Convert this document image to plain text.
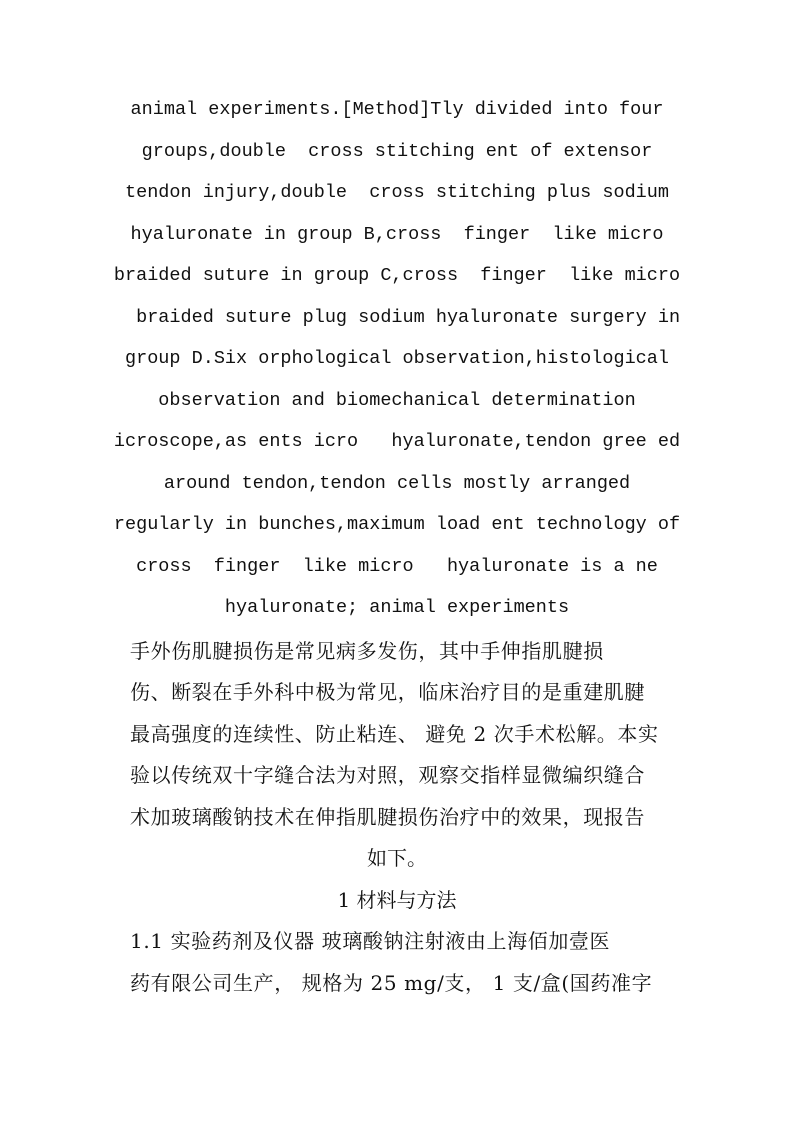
animal experiments.[Method]Tly divided into four
groups,double  cross stitching ent of extensor
tendon injury,double  cross stitching plus sodium
hyaluronate in group B,cross  finger  like micro
braided suture in group C,cross  finger  like micro
braided suture plug sodium hyaluronate surgery in
group D.Six orphological observation,histological
observation and biomechanical determination
icroscope,as ents icro   hyaluronate,tendon gree ed
around tendon,tendon cells mostly arranged
regularly in bunches,maximum load ent technology of
cross  finger  like micro   hyaluronate is a ne
hyaluronate; animal experiments
手外伤肌腱损伤是常见病多发伤，其中手伸指肌腱损
伤、断裂在手外科中极为常见，临床治疗目的是重建肌腱
最高强度的连续性、防止粘连、 避免 2 次手术松解。本实
验以传统双十字缝合法为对照，观察交指样显微编织缝合
术加玻璃酸钠技术在伸指肌腱损伤治疗中的效果，现报告
如下。
1 材料与方法
1.1 实验药剂及仪器 玻璃酸钠注射液由上海佰加壹医
药有限公司生产， 规格为 25 mg/支， 1 支/盒(国药准字
